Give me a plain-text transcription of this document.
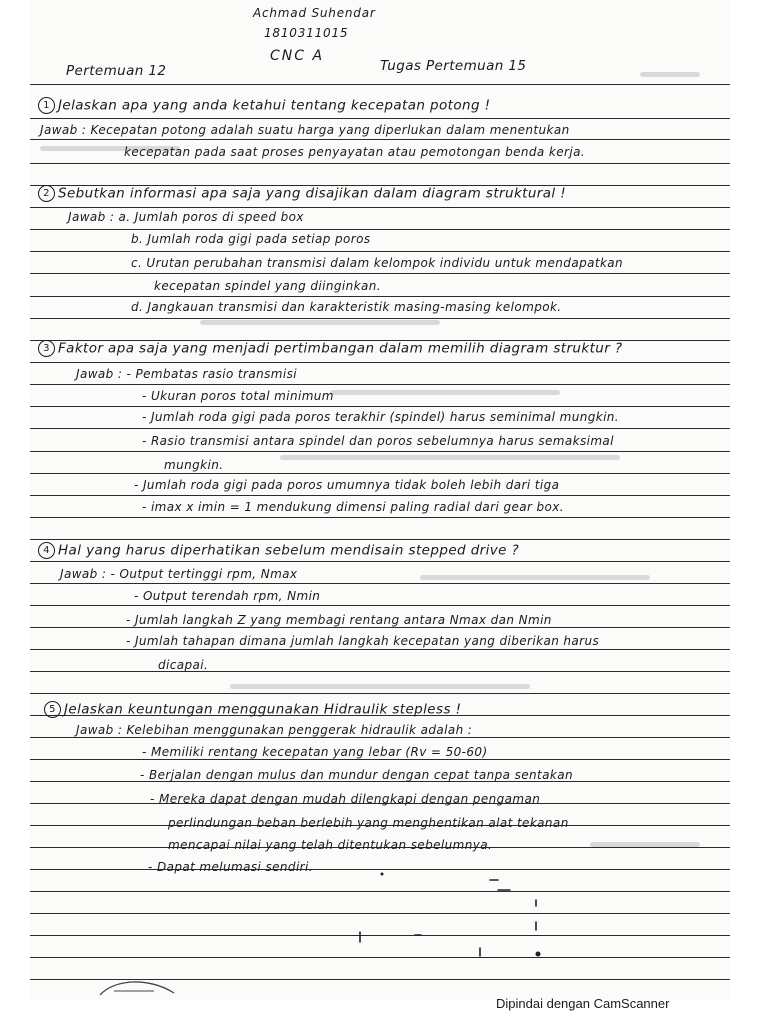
Achmad Suhendar
1810311015
CNC A
Pertemuan 12	Tugas Pertemuan 15
1 Jelaskan apa yang anda ketahui tentang kecepatan potong !
Jawab : Kecepatan potong adalah suatu harga yang diperlukan dalam menentukan
kecepatan pada saat proses penyayatan atau pemotongan benda kerja.
2 Sebutkan informasi apa saja yang disajikan dalam diagram struktural !
Jawab : a. Jumlah poros di speed box
b. Jumlah roda gigi pada setiap poros
c. Urutan perubahan transmisi dalam kelompok individu untuk mendapatkan
kecepatan spindel yang diinginkan.
d. Jangkauan transmisi dan karakteristik masing-masing kelompok.
3 Faktor apa saja yang menjadi pertimbangan dalam memilih diagram struktur ?
Jawab : - Pembatas rasio transmisi
- Ukuran poros total minimum
- Jumlah roda gigi pada poros terakhir (spindel) harus seminimal mungkin.
- Rasio transmisi antara spindel dan poros sebelumnya harus semaksimal
mungkin.
- Jumlah roda gigi pada poros umumnya tidak boleh lebih dari tiga
- imax x imin = 1 mendukung dimensi paling radial dari gear box.
4 Hal yang harus diperhatikan sebelum mendisain stepped drive ?
Jawab : - Output tertinggi rpm, Nmax
- Output terendah rpm, Nmin
- Jumlah langkah Z yang membagi rentang antara Nmax dan Nmin
- Jumlah tahapan dimana jumlah langkah kecepatan yang diberikan harus
dicapai.
5 Jelaskan keuntungan menggunakan Hidraulik stepless !
Jawab : Kelebihan menggunakan penggerak hidraulik adalah :
- Memiliki rentang kecepatan yang lebar (Rv = 50-60)
- Berjalan dengan mulus dan mundur dengan cepat tanpa sentakan
- Mereka dapat dengan mudah dilengkapi dengan pengaman
perlindungan beban berlebih yang menghentikan alat tekanan
mencapai nilai yang telah ditentukan sebelumnya.
- Dapat melumasi sendiri.
Dipindai dengan CamScanner
